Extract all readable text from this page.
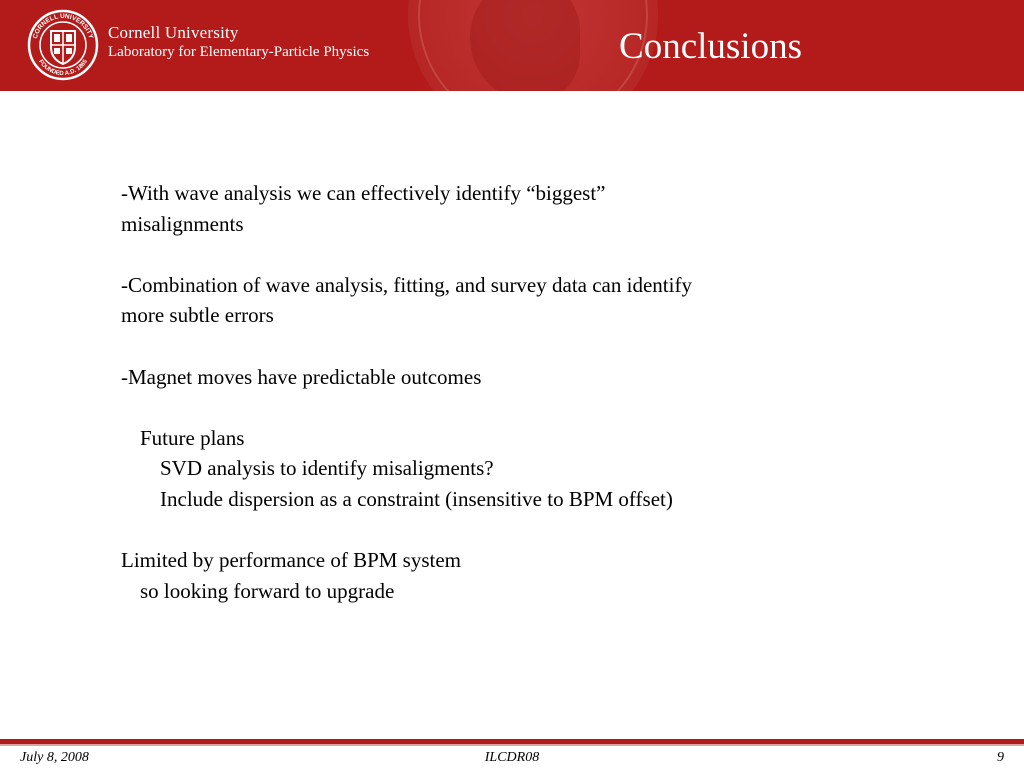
CORNELL UNIVERSITY
FOUNDED A.D. 1865
Cornell University
Laboratory for Elementary-Particle Physics	Conclusions
-With wave analysis we can effectively identify “biggest”
misalignments
-Combination of wave analysis, fitting, and survey data can identify
more subtle errors
-Magnet moves have predictable outcomes
Future plans
SVD analysis to identify misaligments?
Include dispersion as a constraint (insensitive to BPM offset)
Limited by performance of BPM system
so looking forward to upgrade
July 8, 2008	ILCDR08	9
